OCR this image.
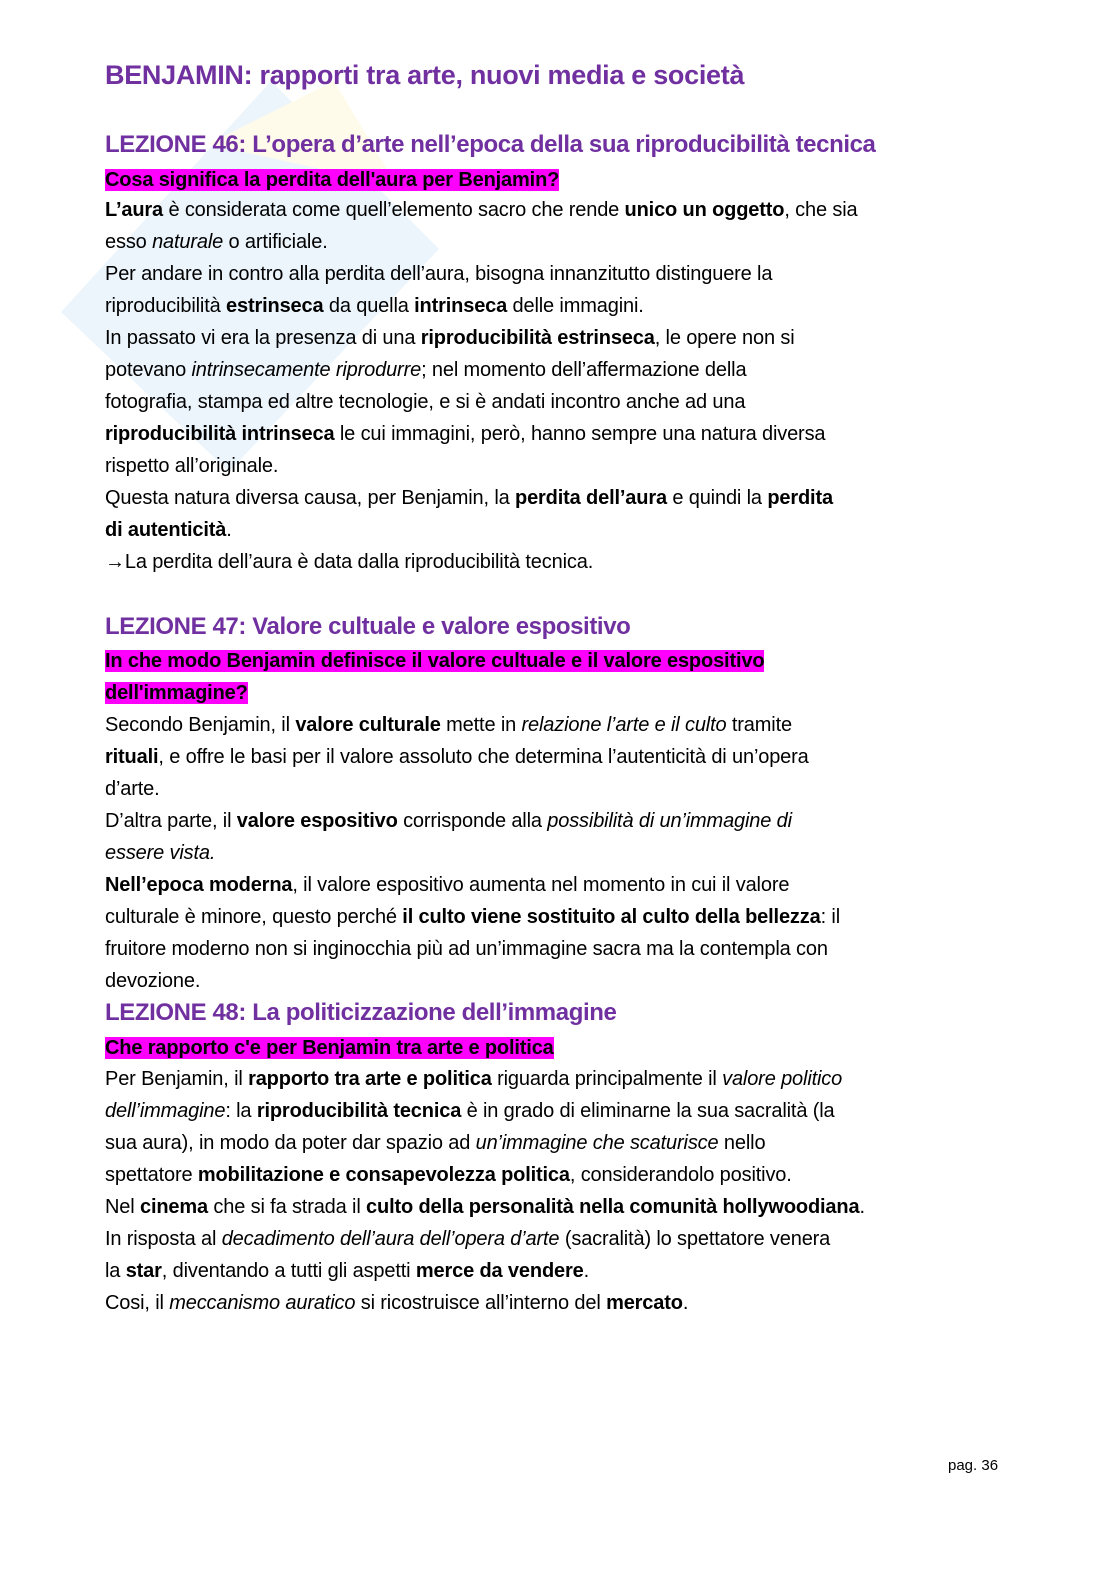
BENJAMIN: rapporti tra arte, nuovi media e società
LEZIONE 46: L’opera d’arte nell’epoca della sua riproducibilità tecnica
Cosa significa la perdita dell'aura per Benjamin?
L’aura è considerata come quell’elemento sacro che rende unico un oggetto, che sia
esso naturale o artificiale.
Per andare in contro alla perdita dell’aura, bisogna innanzitutto distinguere la
riproducibilità estrinseca da quella intrinseca delle immagini.
In passato vi era la presenza di una riproducibilità estrinseca, le opere non si
potevano intrinsecamente riprodurre; nel momento dell’affermazione della
fotografia, stampa ed altre tecnologie, e si è andati incontro anche ad una
riproducibilità intrinseca le cui immagini, però, hanno sempre una natura diversa
rispetto all’originale.
Questa natura diversa causa, per Benjamin, la perdita dell’aura e quindi la perdita
di autenticità.
→La perdita dell’aura è data dalla riproducibilità tecnica.
LEZIONE 47: Valore cultuale e valore espositivo
In che modo Benjamin definisce il valore cultuale e il valore espositivo
dell'immagine?
Secondo Benjamin, il valore culturale mette in relazione l’arte e il culto tramite
rituali, e offre le basi per il valore assoluto che determina l’autenticità di un’opera
d’arte.
D’altra parte, il valore espositivo corrisponde alla possibilità di un’immagine di
essere vista.
Nell’epoca moderna, il valore espositivo aumenta nel momento in cui il valore
culturale è minore, questo perché il culto viene sostituito al culto della bellezza: il
fruitore moderno non si inginocchia più ad un’immagine sacra ma la contempla con
devozione.
LEZIONE 48: La politicizzazione dell’immagine
Che rapporto c'e per Benjamin tra arte e politica
Per Benjamin, il rapporto tra arte e politica riguarda principalmente il valore politico
dell’immagine: la riproducibilità tecnica è in grado di eliminarne la sua sacralità (la
sua aura), in modo da poter dar spazio ad un’immagine che scaturisce nello
spettatore mobilitazione e consapevolezza politica, considerandolo positivo.
Nel cinema che si fa strada il culto della personalità nella comunità hollywoodiana.
In risposta al decadimento dell’aura dell’opera d’arte (sacralità) lo spettatore venera
la star, diventando a tutti gli aspetti merce da vendere.
Cosi, il meccanismo auratico si ricostruisce all’interno del mercato.
pag. 36
